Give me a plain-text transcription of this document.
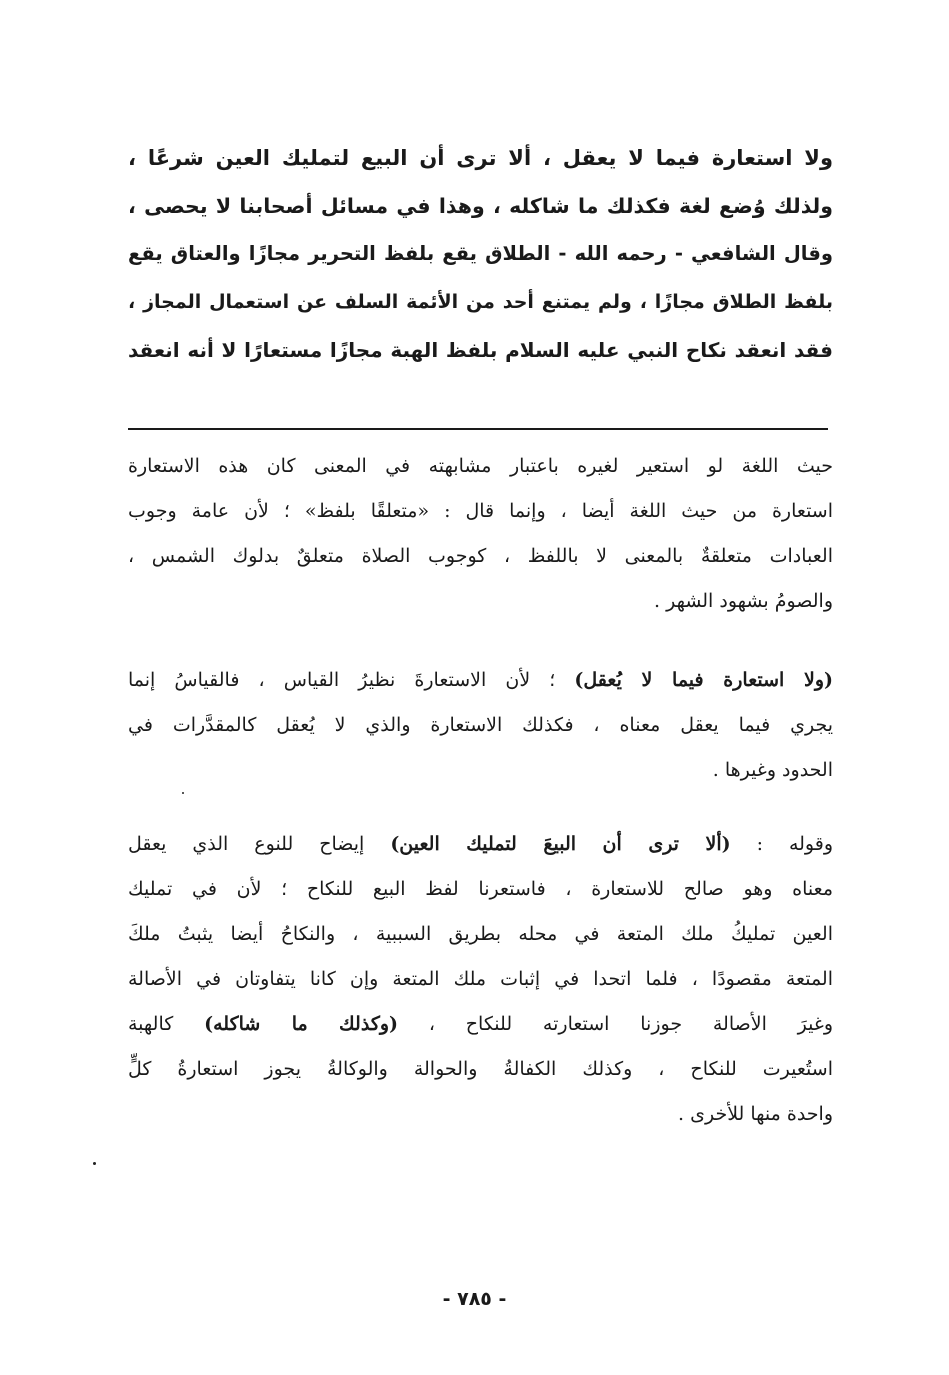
ولا استعارة فيما لا يعقل ، ألا ترى أن البيع لتمليك العين شرعًا ،
ولذلك وُضع لغة فكذلك ما شاكله ، وهذا في مسائل أصحابنا لا يحصى ،
وقال الشافعي - رحمه الله - الطلاق يقع بلفظ التحرير مجازًا والعتاق يقع
بلفظ الطلاق مجازًا ، ولم يمتنع أحد من الأئمة السلف عن استعمال المجاز ،
فقد انعقد نكاح النبي عليه السلام بلفظ الهبة مجازًا مستعارًا لا أنه انعقد
حيث اللغة لو استعير لغيره باعتبار مشابهته في المعنى كان هذه الاستعارة
استعارة من حيث اللغة أيضا ، وإنما قال : «متعلقًا بلفظ» ؛ لأن عامة وجوب
العبادات متعلقةٌ بالمعنى لا باللفظ ، كوجوب الصلاة متعلقٌ بدلوك الشمس ،
والصومُ بشهود الشهر .
(ولا استعارة فيما لا يُعقل) ؛ لأن الاستعارةَ نظيرُ القياس ، فالقياسُ إنما
يجري فيما يعقل معناه ، فكذلك الاستعارة والذي لا يُعقل كالمقدَّرات في
الحدود وغيرها .
وقوله : (ألا ترى أن البيعَ لتمليك العين) إيضاح للنوع الذي يعقل
معناه وهو صالح للاستعارة ، فاستعرنا لفظ البيع للنكاح ؛ لأن في تمليك
العين تمليكُ ملك المتعة في محله بطريق السببية ، والنكاحُ أيضا يثبتُ ملكَ
المتعة مقصودًا ، فلما اتحدا في إثبات ملك المتعة وإن كانا يتفاوتان في الأصالة
وغيرَ الأصالة جوزنا استعارته للنكاح ، (وكذلك ما شاكله) كالهبة
استُعيرت للنكاح ، وكذلك الكفالةُ والحوالة والوكالةُ يجوز استعارةُ كلٍّ
واحدة منها للأخرى .
- ٧٨٥ -
